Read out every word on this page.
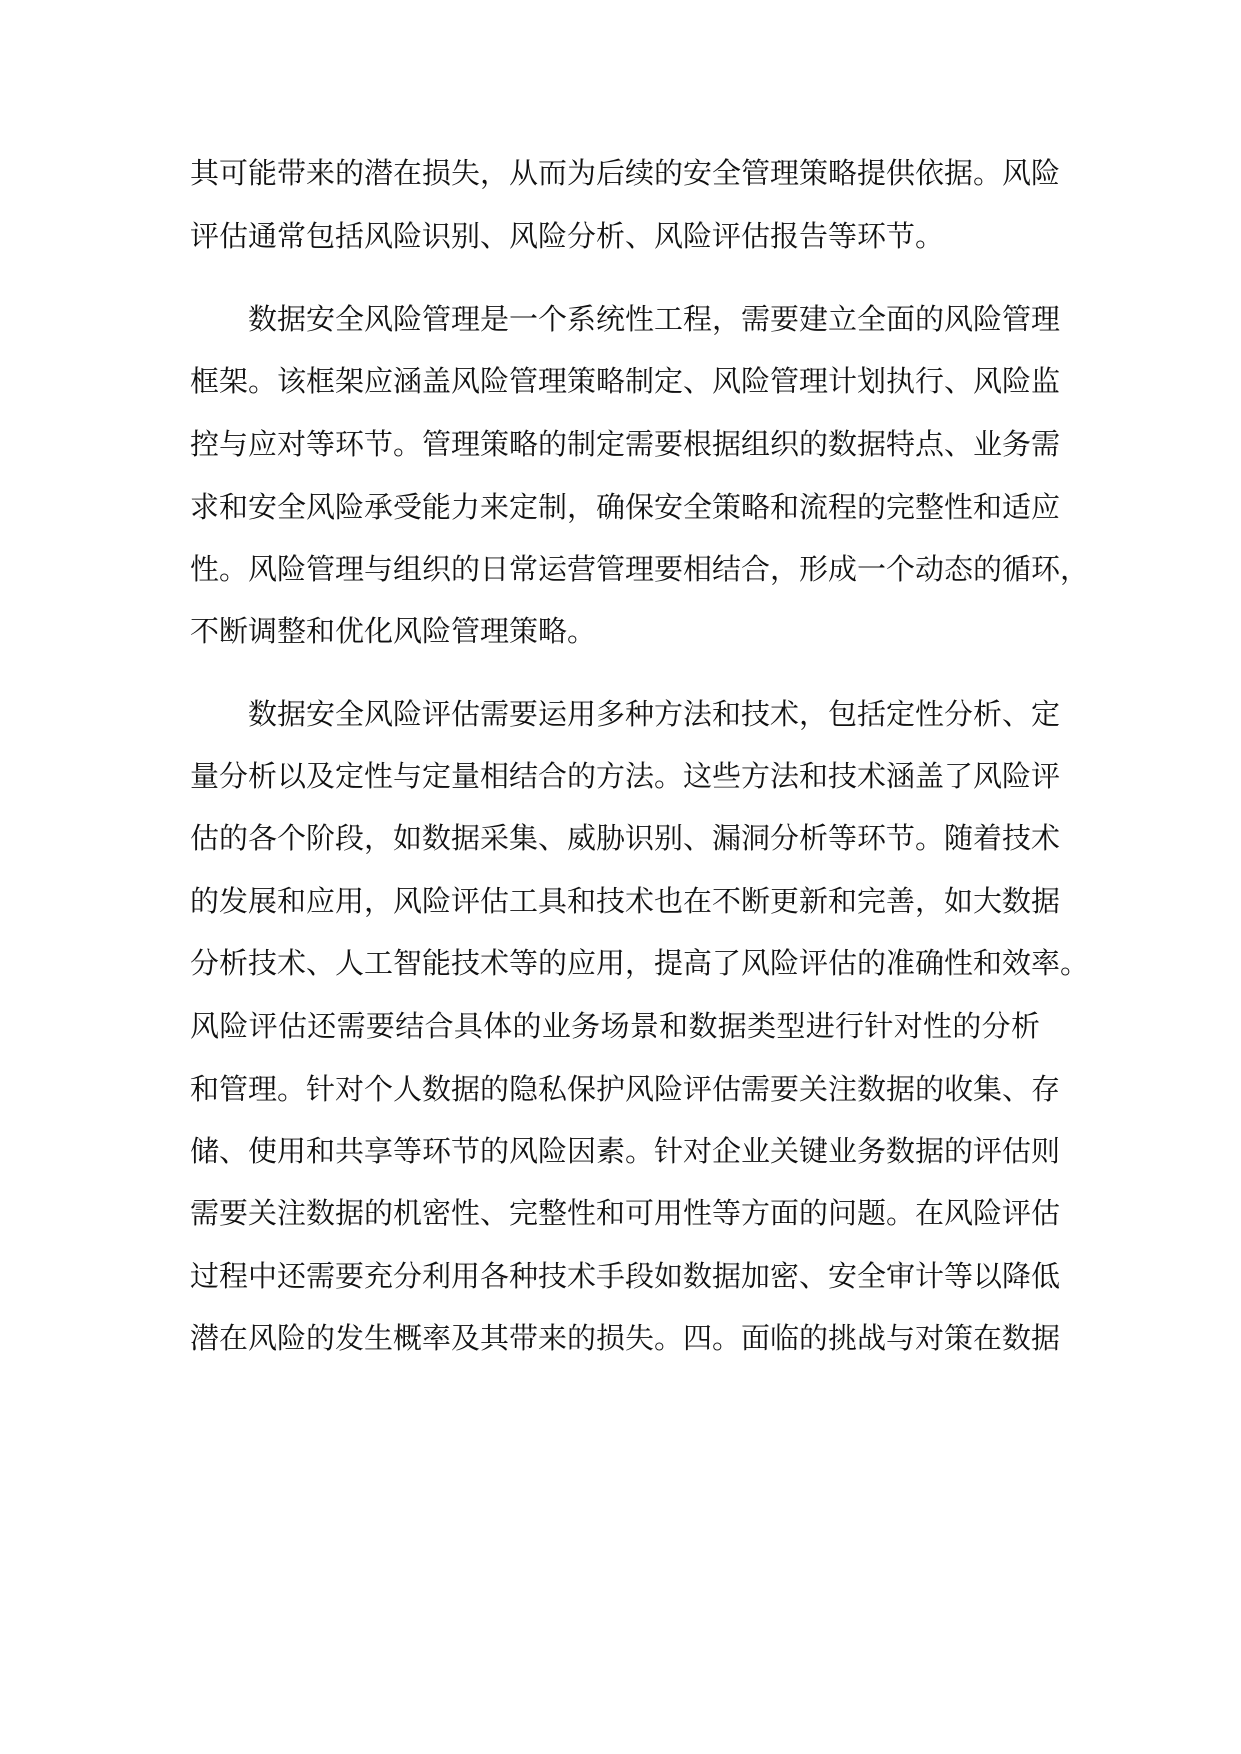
其可能带来的潜在损失，从而为后续的安全管理策略提供依据。风险
评估通常包括风险识别、风险分析、风险评估报告等环节。
数据安全风险管理是一个系统性工程，需要建立全面的风险管理
框架。该框架应涵盖风险管理策略制定、风险管理计划执行、风险监
控与应对等环节。管理策略的制定需要根据组织的数据特点、业务需
求和安全风险承受能力来定制，确保安全策略和流程的完整性和适应
性。风险管理与组织的日常运营管理要相结合，形成一个动态的循环，
不断调整和优化风险管理策略。
数据安全风险评估需要运用多种方法和技术，包括定性分析、定
量分析以及定性与定量相结合的方法。这些方法和技术涵盖了风险评
估的各个阶段，如数据采集、威胁识别、漏洞分析等环节。随着技术
的发展和应用，风险评估工具和技术也在不断更新和完善，如大数据
分析技术、人工智能技术等的应用，提高了风险评估的准确性和效率。
风险评估还需要结合具体的业务场景和数据类型进行针对性的分析
和管理。针对个人数据的隐私保护风险评估需要关注数据的收集、存
储、使用和共享等环节的风险因素。针对企业关键业务数据的评估则
需要关注数据的机密性、完整性和可用性等方面的问题。在风险评估
过程中还需要充分利用各种技术手段如数据加密、安全审计等以降低
潜在风险的发生概率及其带来的损失。四。面临的挑战与对策在数据
